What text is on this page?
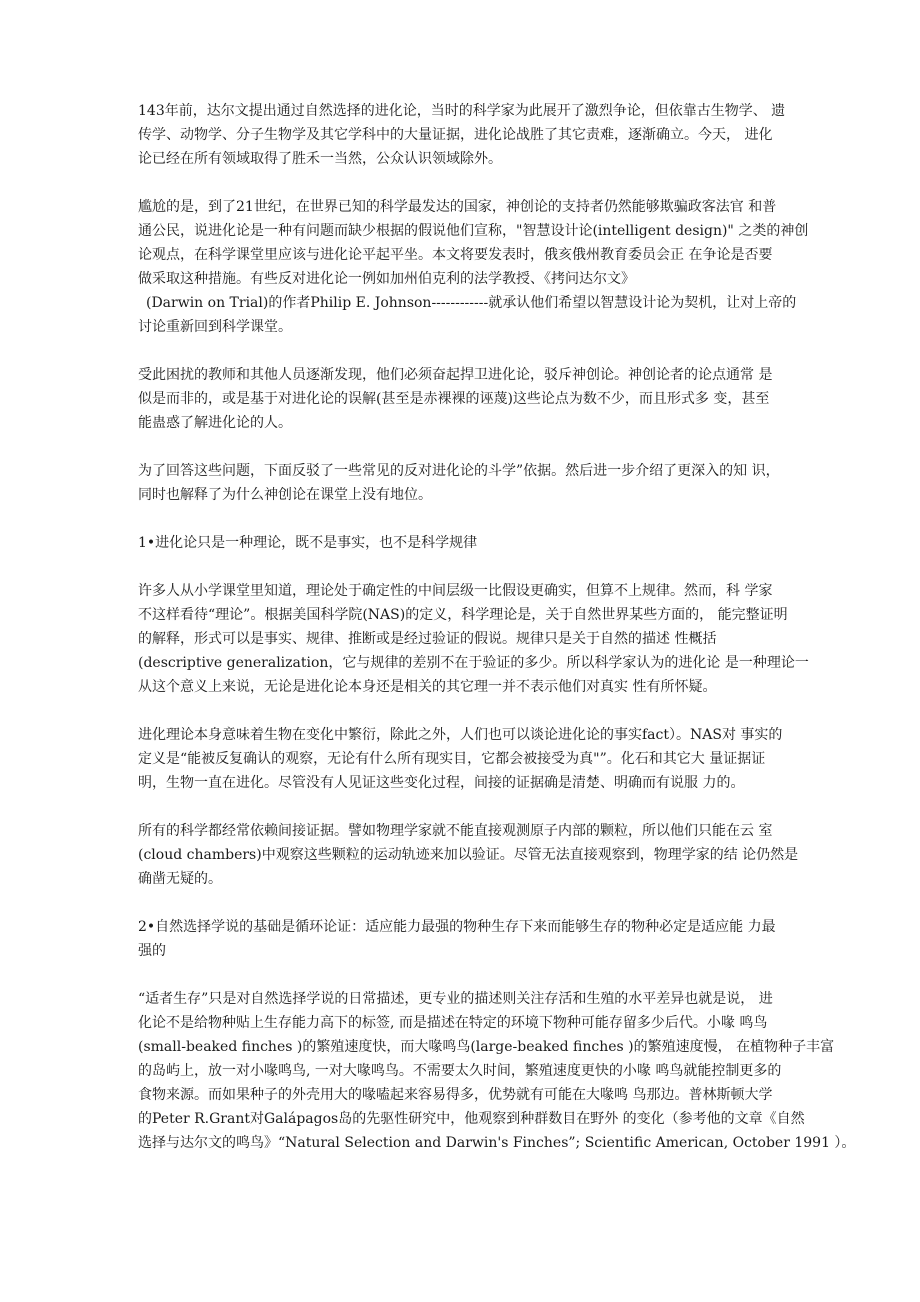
143年前，达尔文提出通过自然选择的进化论，当时的科学家为此展开了激烈争论，但依靠古生物学、 遗
传学、动物学、分子生物学及其它学科中的大量证据，进化论战胜了其它责难，逐渐确立。今天， 进化
论已经在所有领域取得了胜禾一当然，公众认识领域除外。

尴尬的是，到了21世纪，在世界已知的科学最发达的国家，神创论的支持者仍然能够欺骗政客法官 和普
通公民，说进化论是一种有问题而缺少根据的假说他们宣称，"智慧设计论(intelligent design)" 之类的神创
论观点，在科学课堂里应该与进化论平起平坐。本文将要发表时，俄亥俄州教育委员会正 在争论是否要
做采取这种措施。有些反对进化论一例如加州伯克利的法学教授、《拷问达尔文》
(Darwin on Trial)的作者Philip E. Johnson------------就承认他们希望以智慧设计论为契机，让对上帝的
讨论重新回到科学课堂。

受此困扰的教师和其他人员逐渐发现，他们必须奋起捍卫进化论，驳斥神创论。神创论者的论点通常 是
似是而非的，或是基于对进化论的误解(甚至是赤裸裸的诬蔑)这些论点为数不少，而且形式多 变，甚至
能蛊惑了解进化论的人。

为了回答这些问题，下面反驳了一些常见的反对进化论的斗学”依据。然后进一步介绍了更深入的知 识，
同时也解释了为什么神创论在课堂上没有地位。

1•进化论只是一种理论，既不是事实，也不是科学规律

许多人从小学课堂里知道，理论处于确定性的中间层级一比假设更确实，但算不上规律。然而，科 学家
不这样看待“理论”。根据美国科学院(NAS)的定义，科学理论是，关于自然世界某些方面的， 能完整证明
的解释，形式可以是事实、规律、推断或是经过验证的假说。规律只是关于自然的描述 性概括
(descriptive generalization，它与规律的差别不在于验证的多少。所以科学家认为的进化论 是一种理论一
从这个意义上来说，无论是进化论本身还是相关的其它理一并不表示他们对真实 性有所怀疑。

进化理论本身意味着生物在变化中繁衍，除此之外，人们也可以谈论进化论的事实fact）。NAS对 事实的
定义是“能被反复确认的观察，无论有什么所有现实目，它都会被接受为真"”。化石和其它大 量证据证
明，生物一直在进化。尽管没有人见证这些变化过程，间接的证据确是清楚、明确而有说服 力的。

所有的科学都经常依赖间接证据。譬如物理学家就不能直接观测原子内部的颗粒，所以他们只能在云 室
(cloud chambers)中观察这些颗粒的运动轨迹来加以验证。尽管无法直接观察到，物理学家的结 论仍然是
确凿无疑的。

2•自然选择学说的基础是循环论证：适应能力最强的物种生存下来而能够生存的物种必定是适应能 力最
强的

“适者生存”只是对自然选择学说的日常描述，更专业的描述则关注存活和生殖的水平差异也就是说， 进
化论不是给物种贴上生存能力高下的标签, 而是描述在特定的环境下物种可能存留多少后代。小喙 鸣鸟
(small-beaked finches )的繁殖速度快，而大喙鸣鸟(large-beaked finches )的繁殖速度慢， 在植物种子丰富
的岛屿上，放一对小喙鸣鸟, 一对大喙鸣鸟。不需要太久时间，繁殖速度更快的小喙 鸣鸟就能控制更多的
食物来源。而如果种子的外壳用大的喙嗑起来容易得多，优势就有可能在大喙鸣 鸟那边。普林斯顿大学
的Peter R.Grant对Galápagos岛的先驱性研究中，他观察到种群数目在野外 的变化（参考他的文章《自然
选择与达尔文的鸣鸟》“Natural Selection and Darwin's Finches”; Scientific American, October 1991 ）。
